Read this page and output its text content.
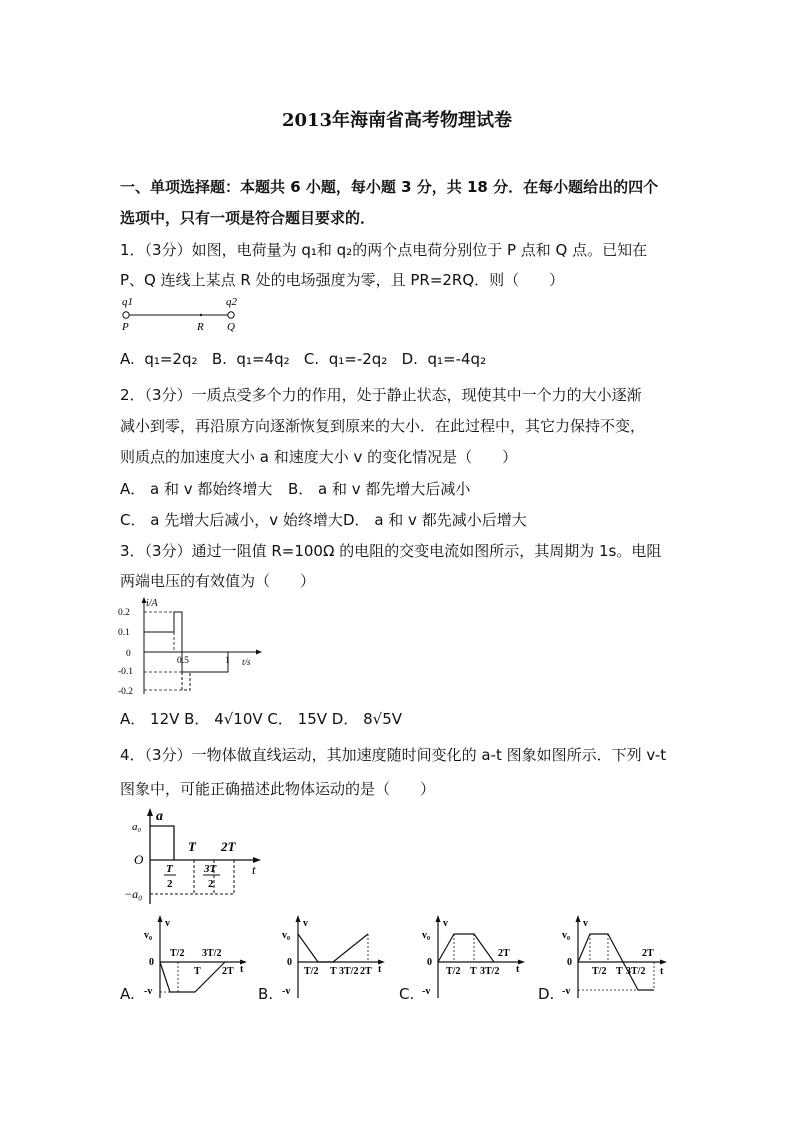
2013年海南省高考物理试卷
一、单项选择题：本题共 6 小题，每小题 3 分，共 18 分．在每小题给出的四个
选项中，只有一项是符合题目要求的．
1．（3分）如图，电荷量为 q₁和 q₂的两个点电荷分别位于 P 点和 Q 点。已知在
P、Q 连线上某点 R 处的电场强度为零，且 PR=2RQ．则（　　）
q1	q2
P	R Q
A. q₁=2q₂ B. q₁=4q₂ C. q₁=-2q₂ D. q₁=-4q₂
2．（3分）一质点受多个力的作用，处于静止状态，现使其中一个力的大小逐渐
减小到零，再沿原方向逐渐恢复到原来的大小．在此过程中，其它力保持不变，
则质点的加速度大小 a 和速度大小 v 的变化情况是（　　）
A． a 和 v 都始终增大 B． a 和 v 都先增大后减小
C． a 先增大后减小，v 始终增大 D． a 和 v 都先减小后增大
3．（3分）通过一阻值 R=100Ω 的电阻的交变电流如图所示，其周期为 1s。电阻
两端电压的有效值为（　　）
i/A
t/s
0.2
0.1
0
-0.1
-0.2
0.5	1
A． 12V B． 4√10V C． 15V D． 8√5V
4．（3分）一物体做直线运动，其加速度随时间变化的 a-t 图象如图所示．下列 v-t
图象中，可能正确描述此物体运动的是（　　）
a
a₀
O
−a₀
T 2T
t
T
2
3T
2
A.
v
v₀
0
-v
T/2 3T/2
T 2T t
B.
v
v₀
0
-v
T/2 T 3T/2 2T t
C.
v
v₀
0
-v
T/2 T 3T/2
2T
t
D.
v
v₀
0
-v
T/2 T 3T/2
2T
t
